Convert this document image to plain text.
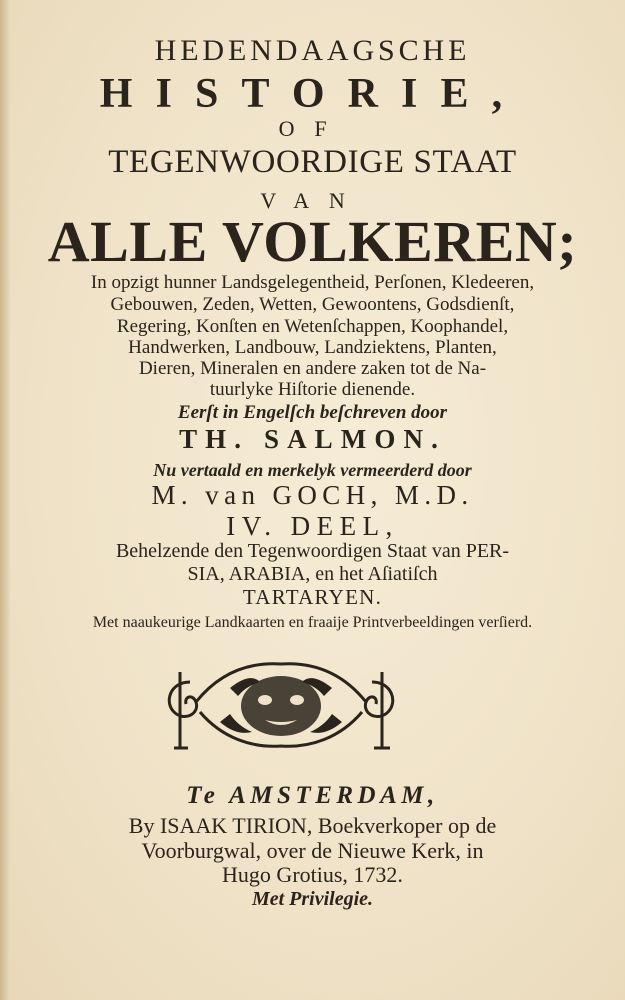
HEDENDAAGSCHE
HISTORIE,
OF
TEGENWOORDIGE STAAT
VAN
ALLE VOLKEREN;
In opzigt hunner Landsgelegentheid, Perſonen, Kledeeren,
Gebouwen, Zeden, Wetten, Gewoontens, Godsdienſt,
Regering, Konſten en Wetenſchappen, Koophandel,
Handwerken, Landbouw, Landziektens, Planten,
Dieren, Mineralen en andere zaken tot de Na-
tuurlyke Hiſtorie dienende.
Eerſt in Engelſch beſchreven door
TH. SALMON.
Nu vertaald en merkelyk vermeerderd door
M. van GOCH, M.D.
IV. DEEL,
Behelzende den Tegenwoordigen Staat van PER-
SIA, ARABIA, en het Aſiatiſch
TARTARYEN.
Met naaukeurige Landkaarten en fraaije Printverbeeldingen verſierd.
Te AMSTERDAM,
By ISAAK TIRION, Boekverkoper op de
Voorburgwal, over de Nieuwe Kerk, in
Hugo Grotius, 1732.
Met Privilegie.
